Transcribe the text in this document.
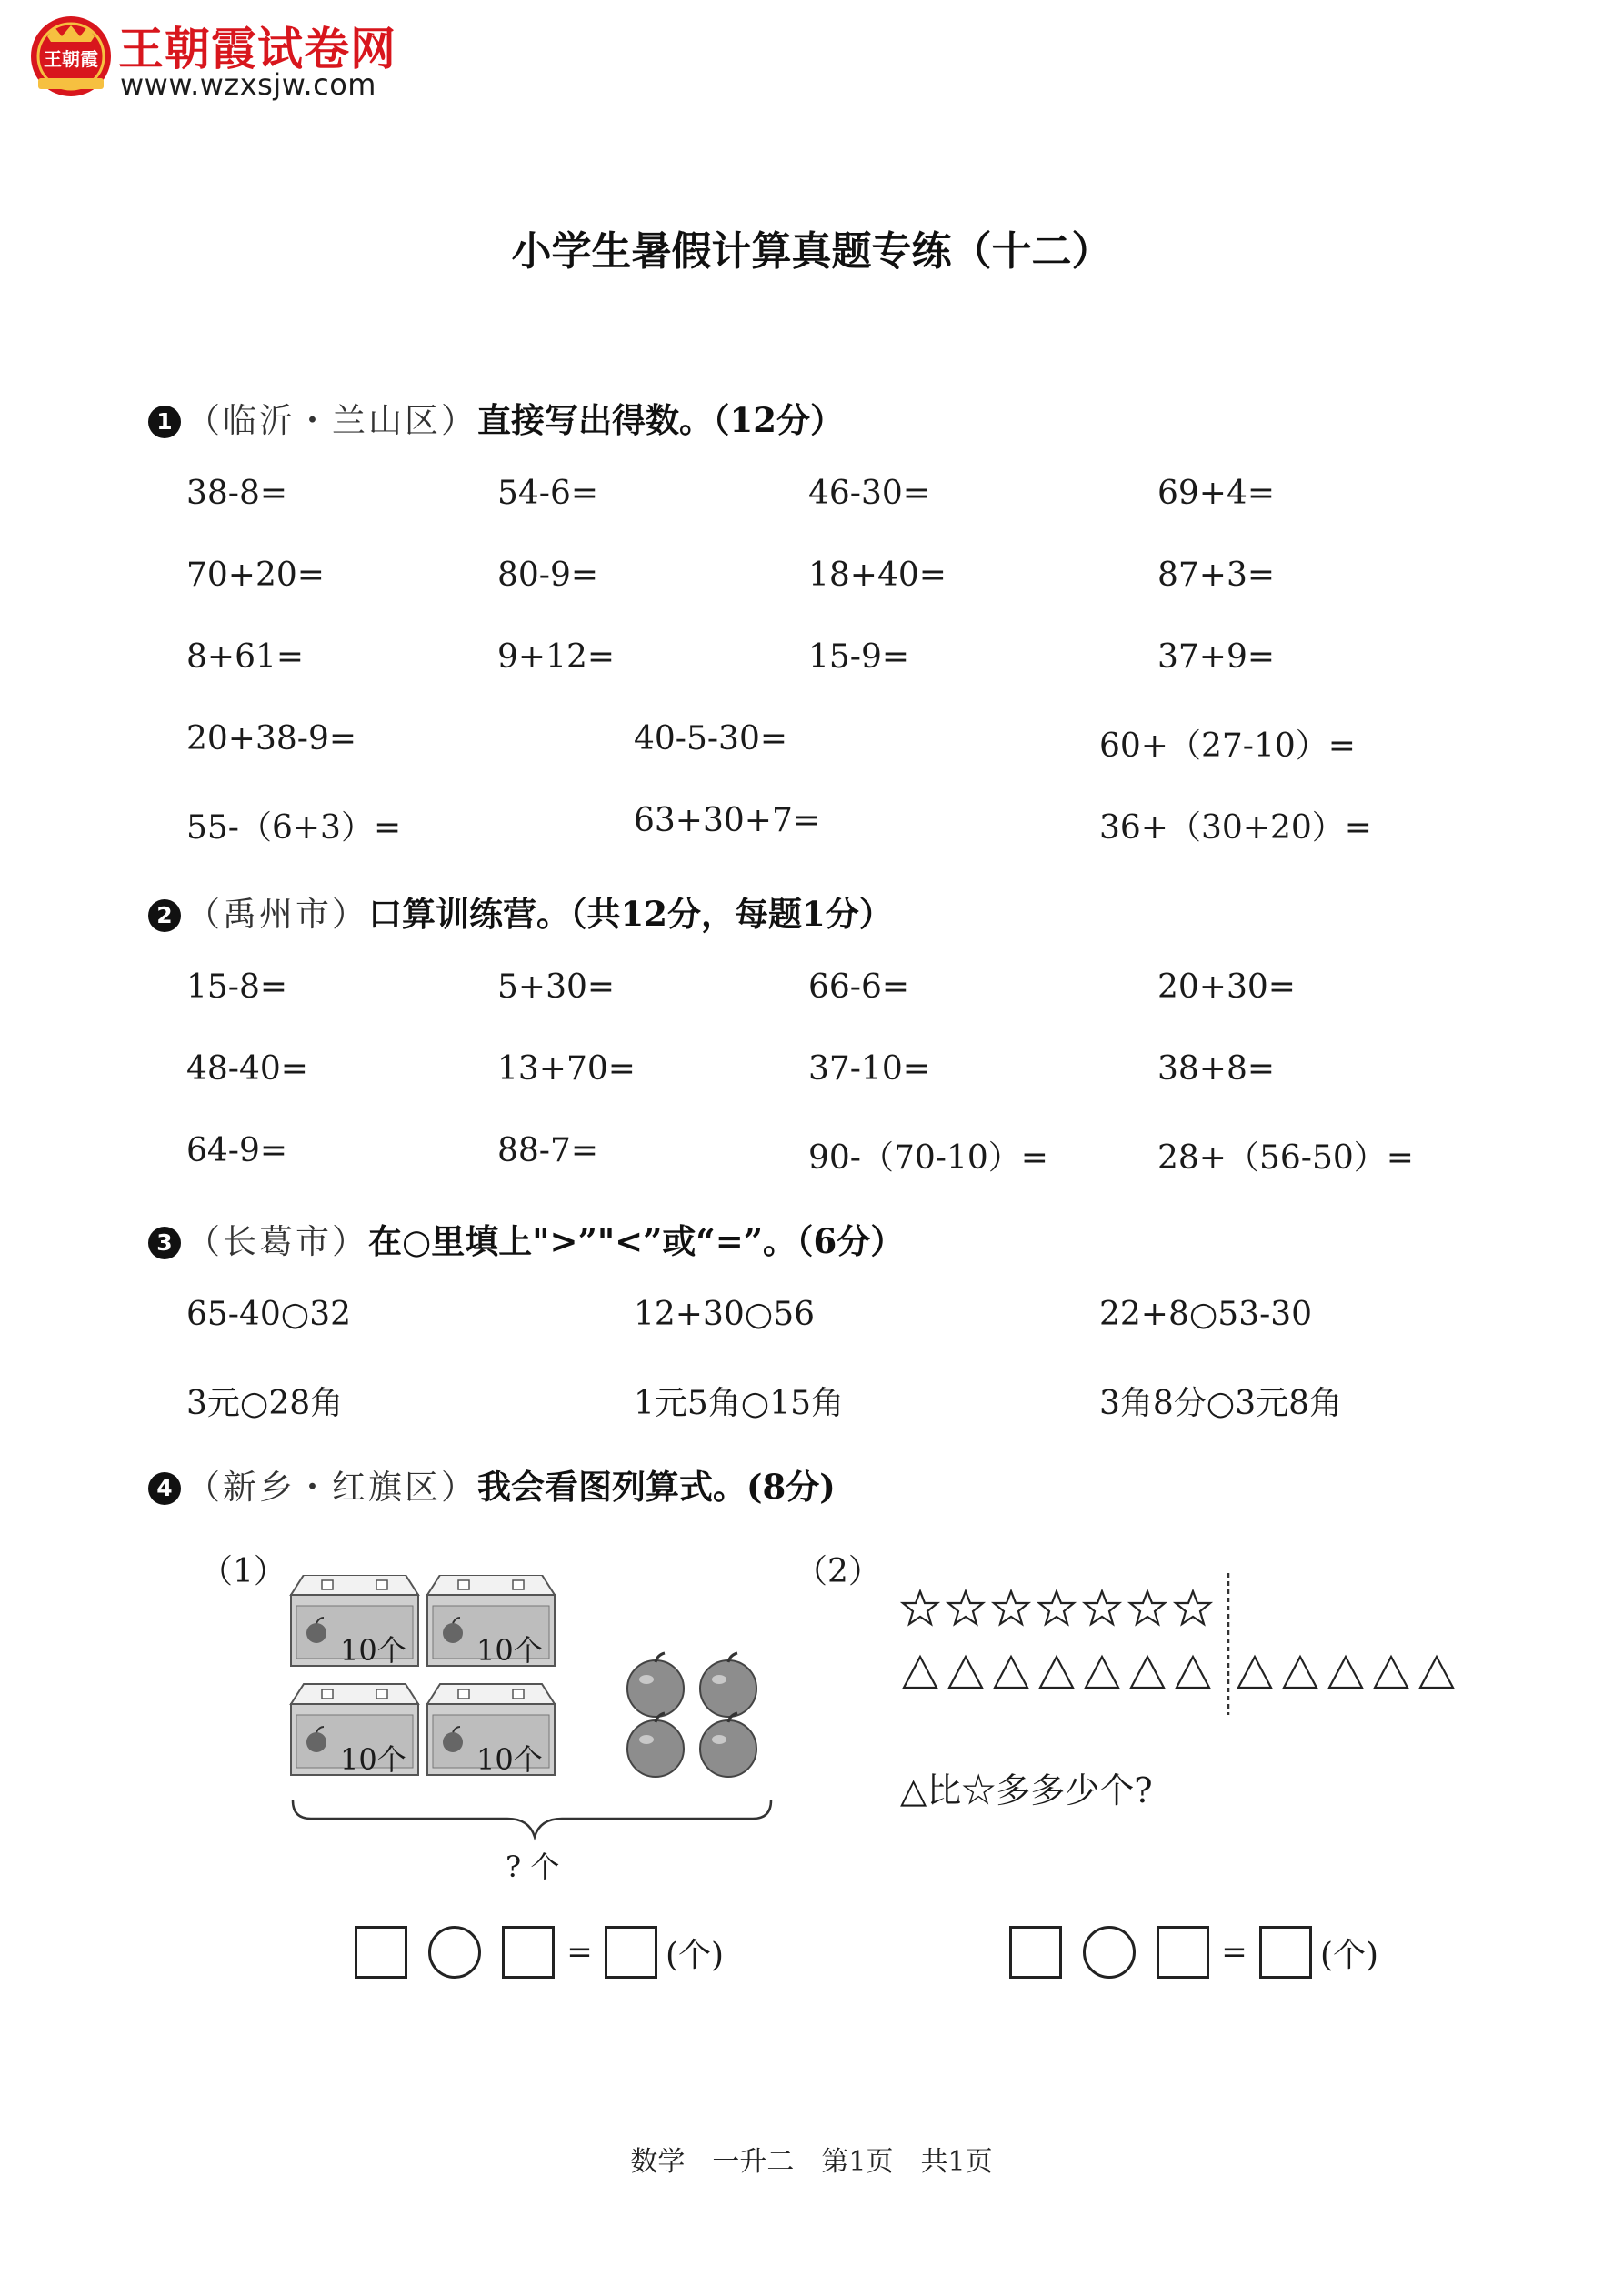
王朝霞 王朝霞试卷网
www.wzxsjw.com
小学生暑假计算真题专练（十二）
1 （临沂・兰山区）直接写出得数。（12分）
38-8=	54-6=	46-30=	69+4=
70+20=	80-9=	18+40=	87+3=
8+61=	9+12=	15-9=	37+9=
20+38-9=	40-5-30=	60+（27-10）=
55-（6+3）=	63+30+7=	36+（30+20）=
2 （禹州市）口算训练营。（共12分，每题1分）
15-8=	5+30=	66-6=	20+30=
48-40=	13+70=	37-10=	38+8=
64-9=	88-7=	90-（70-10）=	28+（56-50）=
3 （长葛市）在○里填上">”"<”或“=”。（6分）
65-40○32	12+30○56	22+8○53-30
3元○28角	1元5角○15角	3角8分○3元8角
4 （新乡・红旗区）我会看图列算式。(8分)
（1）
10个 10个
10个 10个
? 个
= (个)
（2）
△比☆多多少个?
= (个)
数学　一升二　第1页　共1页
